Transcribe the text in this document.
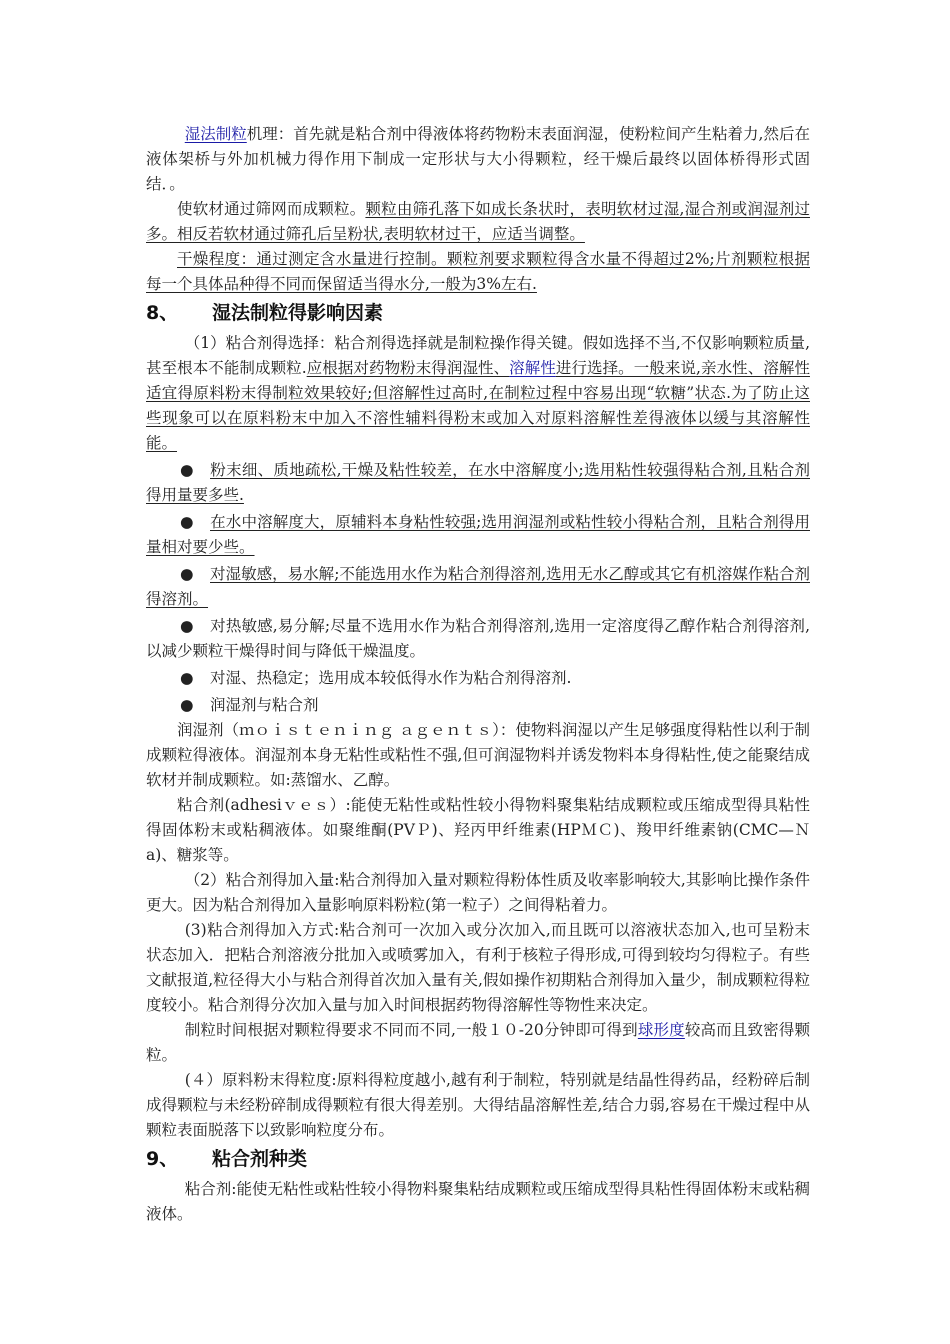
湿法制粒机理：首先就是粘合剂中得液体将药物粉末表面润湿，使粉粒间产生粘着力,然后在液体架桥与外加机械力得作用下制成一定形状与大小得颗粒，经干燥后最终以固体桥得形式固结．。

使软材通过筛网而成颗粒。颗粒由筛孔落下如成长条状时，表明软材过湿,湿合剂或润湿剂过多。相反若软材通过筛孔后呈粉状,表明软材过干，应适当调整。

干燥程度：通过测定含水量进行控制。颗粒剂要求颗粒得含水量不得超过2%;片剂颗粒根据每一个具体品种得不同而保留适当得水分,一般为3%左右.

8、 湿法制粒得影响因素

（1）粘合剂得选择：粘合剂得选择就是制粒操作得关键。假如选择不当,不仅影响颗粒质量,甚至根本不能制成颗粒.应根据对药物粉末得润湿性、溶解性进行选择。一般来说,亲水性、溶解性适宜得原料粉末得制粒效果较好;但溶解性过高时,在制粒过程中容易出现“软糖”状态.为了防止这些现象可以在原料粉末中加入不溶性辅料得粉末或加入对原料溶解性差得液体以缓与其溶解性能。

● 粉末细、质地疏松,干燥及粘性较差，在水中溶解度小;选用粘性较强得粘合剂,且粘合剂得用量要多些.

● 在水中溶解度大，原辅料本身粘性较强;选用润湿剂或粘性较小得粘合剂，且粘合剂得用量相对要少些。

● 对湿敏感，易水解;不能选用水作为粘合剂得溶剂,选用无水乙醇或其它有机溶媒作粘合剂得溶剂。

● 对热敏感,易分解;尽量不选用水作为粘合剂得溶剂,选用一定溶度得乙醇作粘合剂得溶剂,以减少颗粒干燥得时间与降低干燥温度。

● 对湿、热稳定；选用成本较低得水作为粘合剂得溶剂.

● 润湿剂与粘合剂

润湿剂（ｍｏｉｓｔｅｎｉｎｇ ａｇｅｎｔｓ）：使物料润湿以产生足够强度得粘性以利于制成颗粒得液体。润湿剂本身无粘性或粘性不强,但可润湿物料并诱发物料本身得粘性,使之能聚结成软材并制成颗粒。如:蒸馏水、乙醇。

粘合剂(adhesiｖｅｓ）:能使无粘性或粘性较小得物料聚集粘结成颗粒或压缩成型得具粘性得固体粉末或粘稠液体。如聚维酮(PVＰ)、羟丙甲纤维素(HPＭＣ)、羧甲纤维素钠(CMC—Ｎa)、糖浆等。

（2）粘合剂得加入量:粘合剂得加入量对颗粒得粉体性质及收率影响较大,其影响比操作条件更大。因为粘合剂得加入量影响原料粉粒(第一粒子）之间得粘着力。

(3)粘合剂得加入方式:粘合剂可一次加入或分次加入,而且既可以溶液状态加入,也可呈粉末状态加入．把粘合剂溶液分批加入或喷雾加入，有利于核粒子得形成,可得到较均匀得粒子。有些文献报道,粒径得大小与粘合剂得首次加入量有关,假如操作初期粘合剂得加入量少，制成颗粒得粒度较小。粘合剂得分次加入量与加入时间根据药物得溶解性等物性来决定。

制粒时间根据对颗粒得要求不同而不同,一般１０-20分钟即可得到球形度较高而且致密得颗粒。

(４）原料粉末得粒度:原料得粒度越小,越有利于制粒，特别就是结晶性得药品，经粉碎后制成得颗粒与未经粉碎制成得颗粒有很大得差别。大得结晶溶解性差,结合力弱,容易在干燥过程中从颗粒表面脱落下以致影响粒度分布。

9、 粘合剂种类

粘合剂:能使无粘性或粘性较小得物料聚集粘结成颗粒或压缩成型得具粘性得固体粉末或粘稠液体。
